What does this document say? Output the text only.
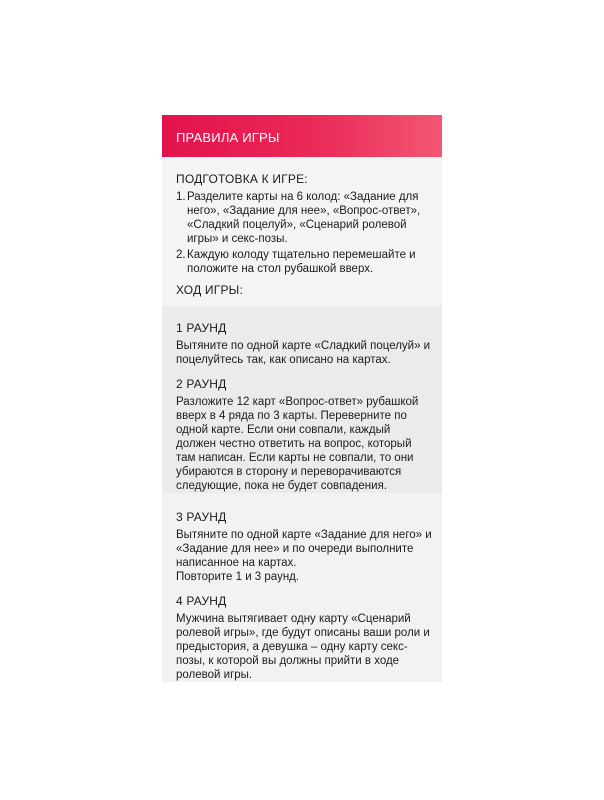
ПРАВИЛА ИГРЫ
ПОДГОТОВКА К ИГРЕ:
1. Разделите карты на 6 колод: «Задание для него», «Задание для нее», «Вопрос-ответ», «Сладкий поцелуй», «Сценарий ролевой игры» и секс-позы.
2. Каждую колоду тщательно перемешайте и положите на стол рубашкой вверх.
ХОД ИГРЫ:
1 РАУНД
Вытяните по одной карте «Сладкий поцелуй» и поцелуйтесь так, как описано на картах.
2 РАУНД
Разложите 12 карт «Вопрос-ответ» рубашкой вверх в 4 ряда по 3 карты. Переверните по одной карте. Если они совпали, каждый должен честно ответить на вопрос, который там написан. Если карты не совпали, то они убираются в сторону и переворачиваются следующие, пока не будет совпадения.
3 РАУНД
Вытяните по одной карте «Задание для него» и «Задание для нее» и по очереди выполните написанное на картах.
Повторите 1 и 3 раунд.
4 РАУНД
Мужчина вытягивает одну карту «Сценарий ролевой игры», где будут описаны ваши роли и предыстория, а девушка – одну карту секс-позы, к которой вы должны прийти в ходе ролевой игры.
